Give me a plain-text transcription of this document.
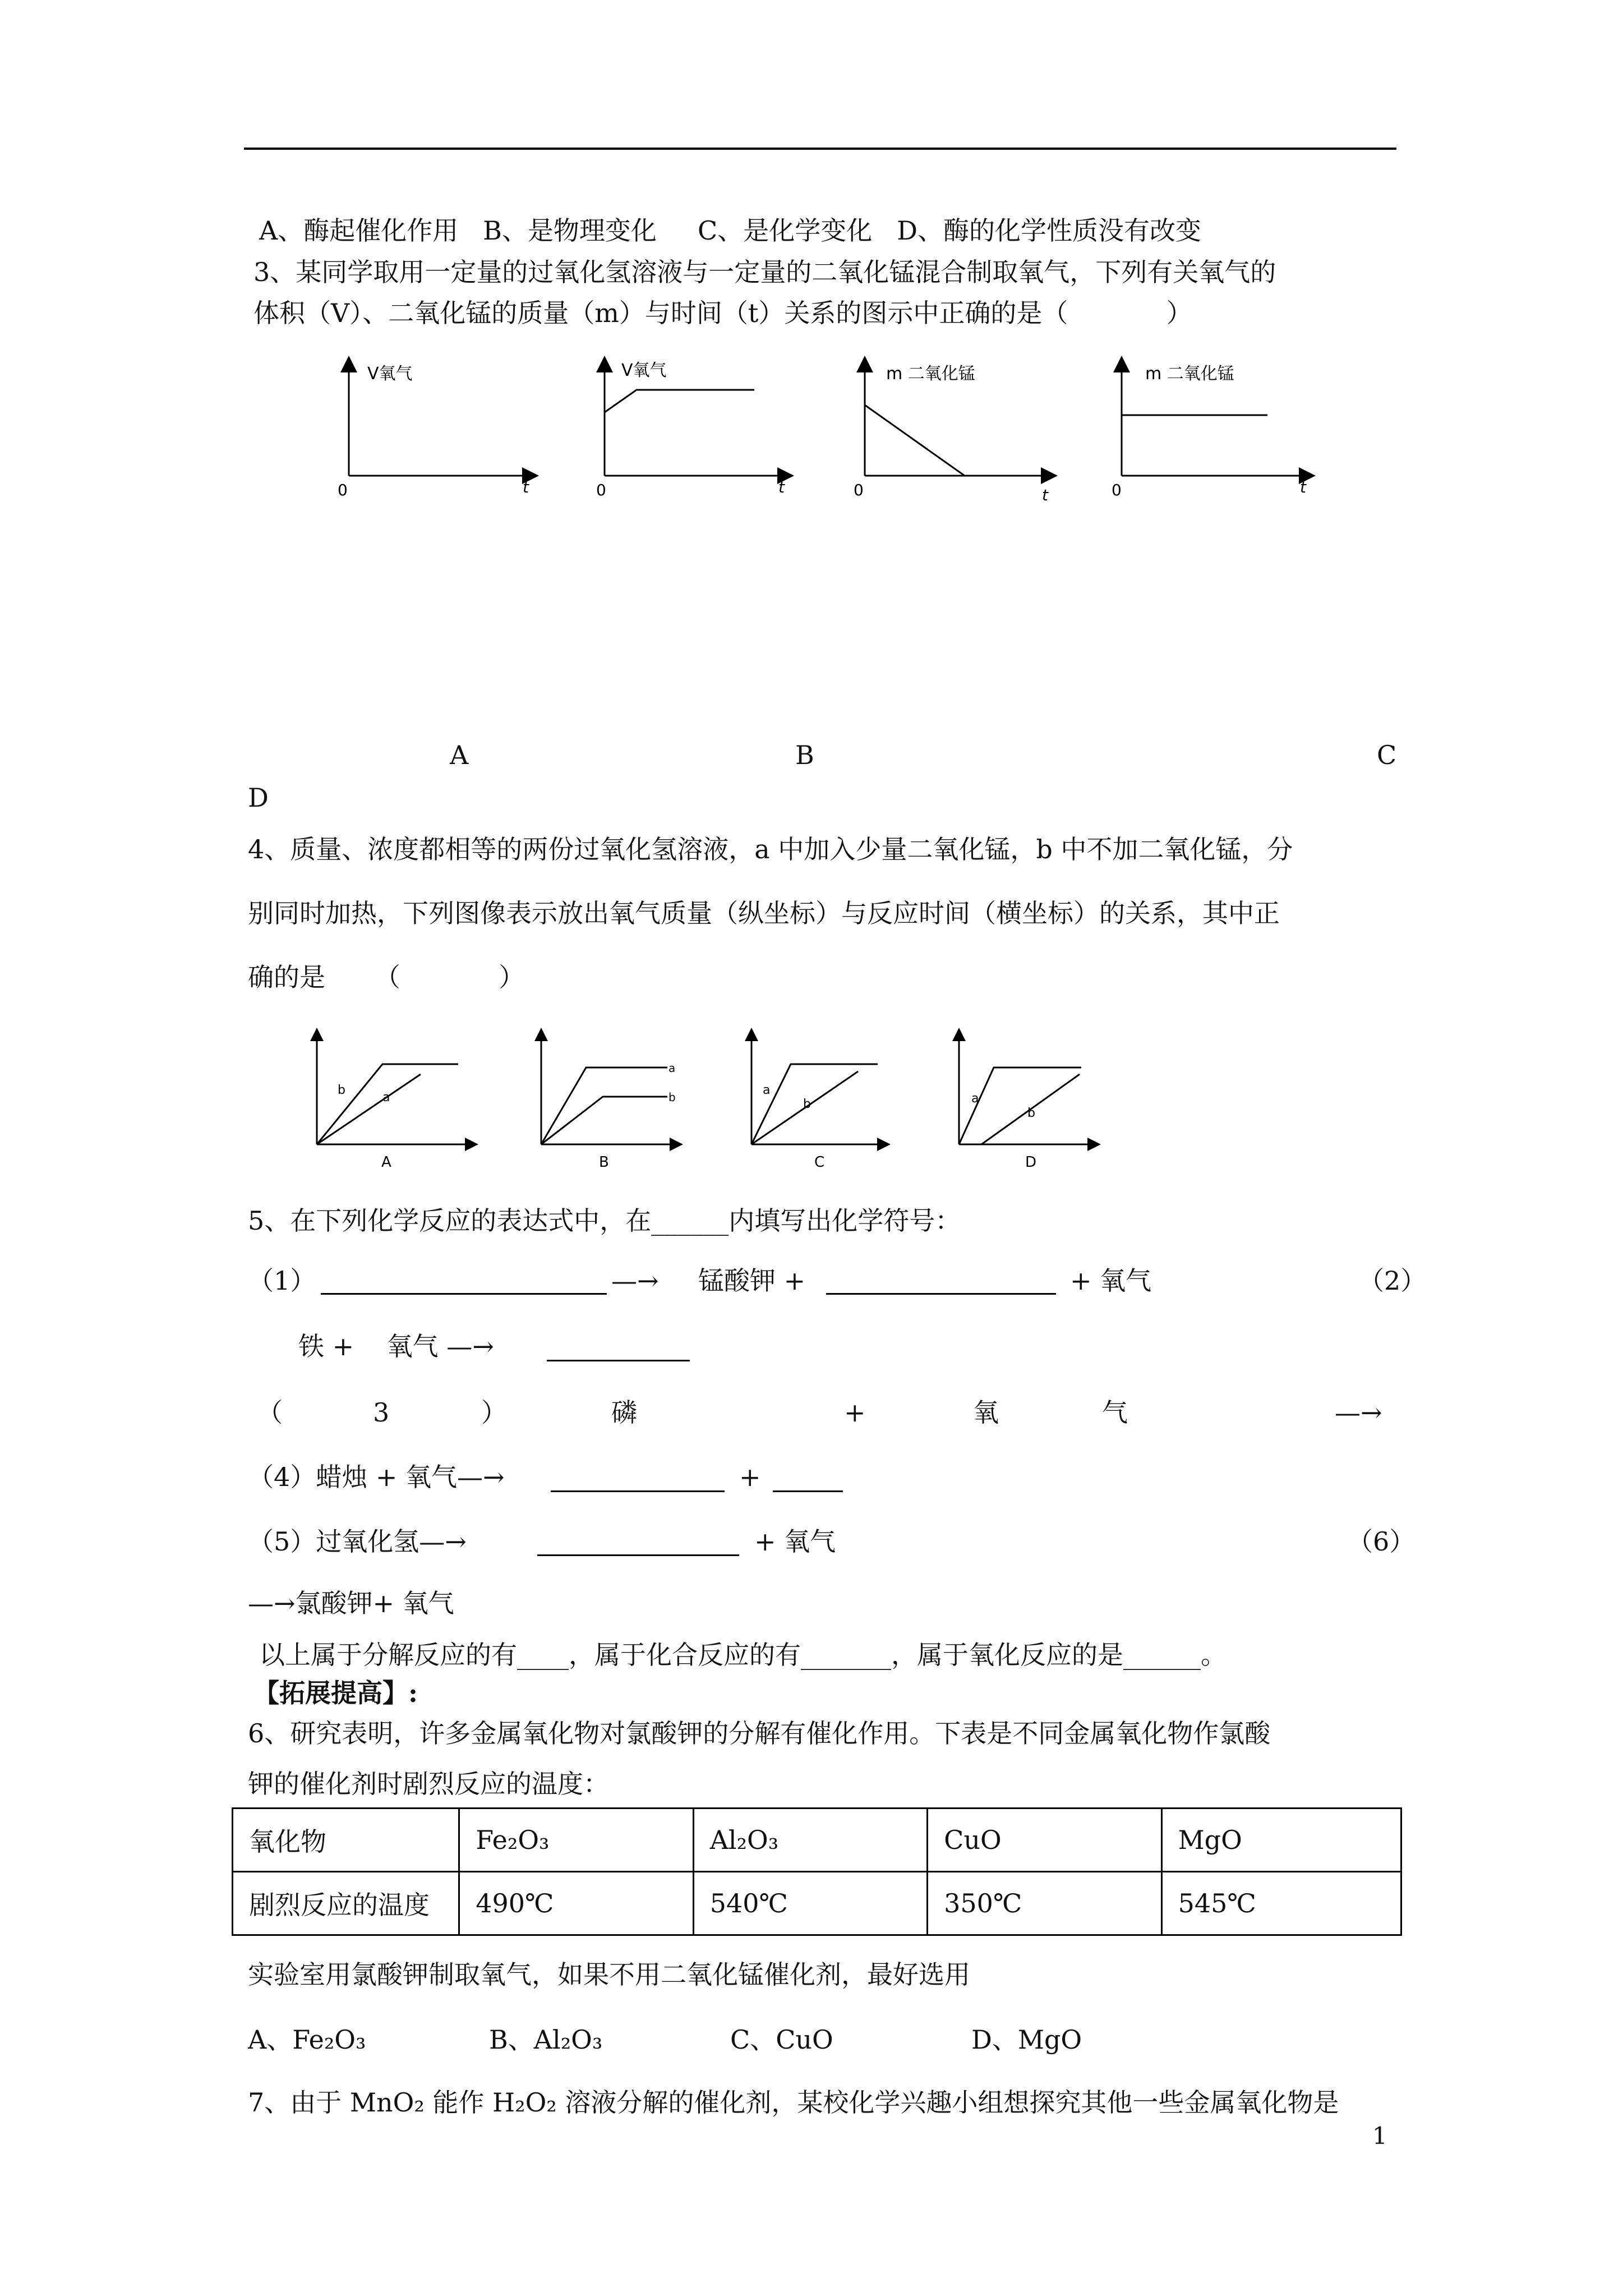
A、酶起催化作用   B、是物理变化     C、是化学变化   D、酶的化学性质没有改变
3、某同学取用一定量的过氧化氢溶液与一定量的二氧化锰混合制取氧气，下列有关氧气的
体积（V）、二氧化锰的质量（m）与时间（t）关系的图示中正确的是（            ）
V氧气
0	t
V氧气
0	t
m 二氧化锰
0	t
m 二氧化锰
0	t
A	B	C
D
4、质量、浓度都相等的两份过氧化氢溶液，a 中加入少量二氧化锰，b 中不加二氧化锰，分
别同时加热，下列图像表示放出氧气质量（纵坐标）与反应时间（横坐标）的关系，其中正
确的是      （            ）
b
a
A
a
b
B
a
b
C
a
b
D
5、在下列化学反应的表达式中，在______内填写出化学符号：
（1）	—→ 锰酸钾 +	+ 氧气	（2）
铁 +    氧气 —→
（	3	）	磷	+	氧	气	—→
（4）蜡烛 + 氧气—→	+
（5）过氧化氢—→	+ 氧气	（6）
—→氯酸钾+ 氧气
以上属于分解反应的有____，属于化合反应的有_______，属于氧化反应的是______。
【拓展提高】:
6、研究表明，许多金属氧化物对氯酸钾的分解有催化作用。下表是不同金属氧化物作氯酸
钾的催化剂时剧烈反应的温度：
氧化物	Fe₂O₃	Al₂O₃	CuO	MgO
剧烈反应的温度	490℃	540℃	350℃	545℃
实验室用氯酸钾制取氧气，如果不用二氧化锰催化剂，最好选用
A、Fe₂O₃	B、Al₂O₃	C、CuO	D、MgO
7、由于 MnO₂ 能作 H₂O₂ 溶液分解的催化剂，某校化学兴趣小组想探究其他一些金属氧化物是
1
